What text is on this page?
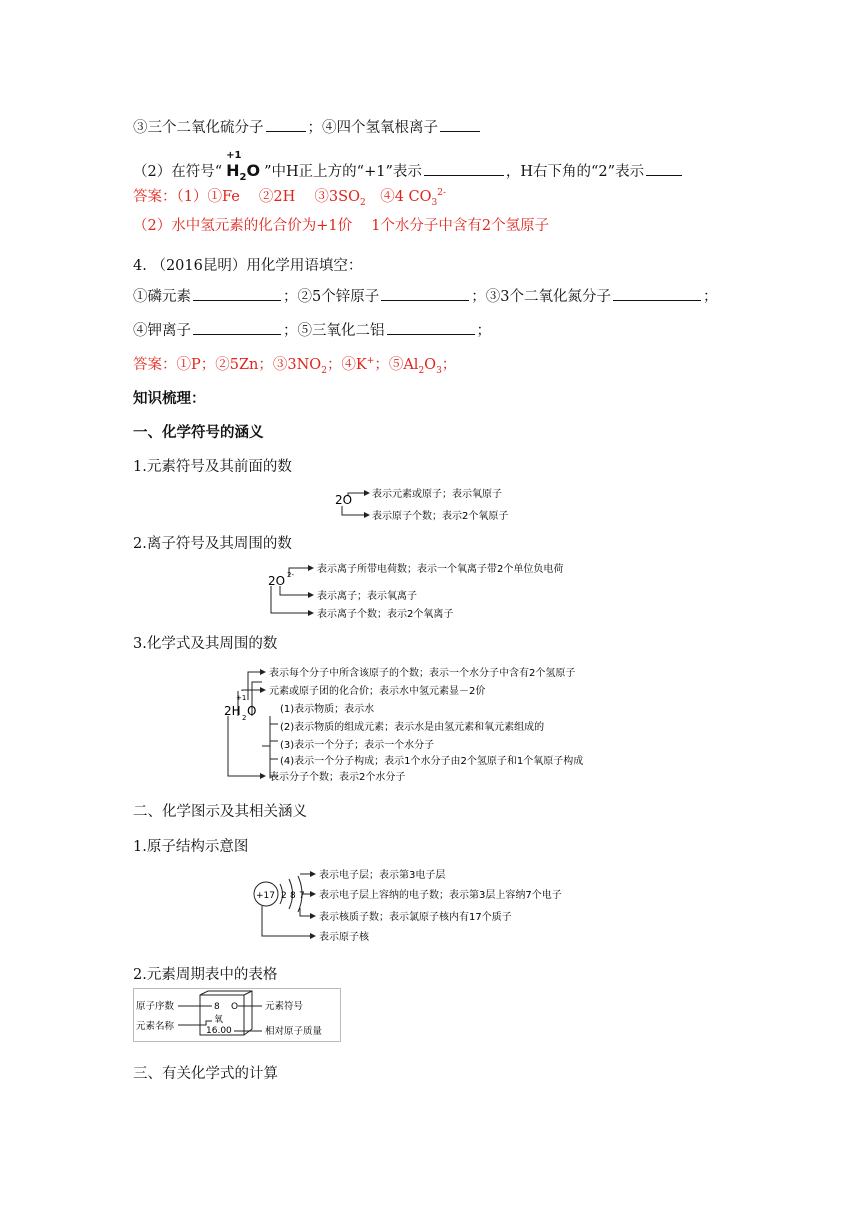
③三个二氧化硫分子	；④四个氢氧根离子
（2）在符号“
+1
$H_2O$ ”中H正上方的“+1”表示	，H右下角的“2”表示
答案：（1）①Fe　 ②2H　 $③3SO_2$　④4 $CO_3^{2-}$
（2）水中氢元素的化合价为+1价　 1个水分子中含有2个氢原子
4. （2016昆明）用化学用语填空：
①磷元素	；②5个锌原子	；③3个二氧化氮分子	；
④钾离子	；⑤三氧化二铝	；
答案：①P；②5Zn；$③3NO_2$；④K+；$⑤Al_2O_3$；
知识梳理：
一、化学符号的涵义
1.元素符号及其前面的数
2O 表示元素或原子；表示氧原子
表示原子个数；表示2个氧原子
2.离子符号及其周围的数
2O 2- 表示离子所带电荷数；表示一个氧离子带2个单位负电荷
表示离子；表示氧离子
表示离子个数；表示2个氧离子
3.化学式及其周围的数
2H 2 O
+1
表示每个分子中所含该原子的个数；表示一个水分子中含有2个氢原子
元素或原子团的化合价；表示水中氢元素显－2价
(1)表示物质；表示水
(2)表示物质的组成元素；表示水是由氢元素和氧元素组成的
(3)表示一个分子；表示一个水分子
(4)表示一个分子构成；表示1个水分子由2个氢原子和1个氧原子构成
表示分子个数；表示2个水分子
二、化学图示及其相关涵义
1.原子结构示意图
+17 2 8 7
表示电子层；表示第3电子层
表示电子层上容纳的电子数；表示第3层上容纳7个电子
表示核质子数；表示氯原子核内有17个质子
表示原子核
2.元素周期表中的表格
8 O
氧
16.00
原子序数
元素名称
元素符号
相对原子质量
三、有关化学式的计算
